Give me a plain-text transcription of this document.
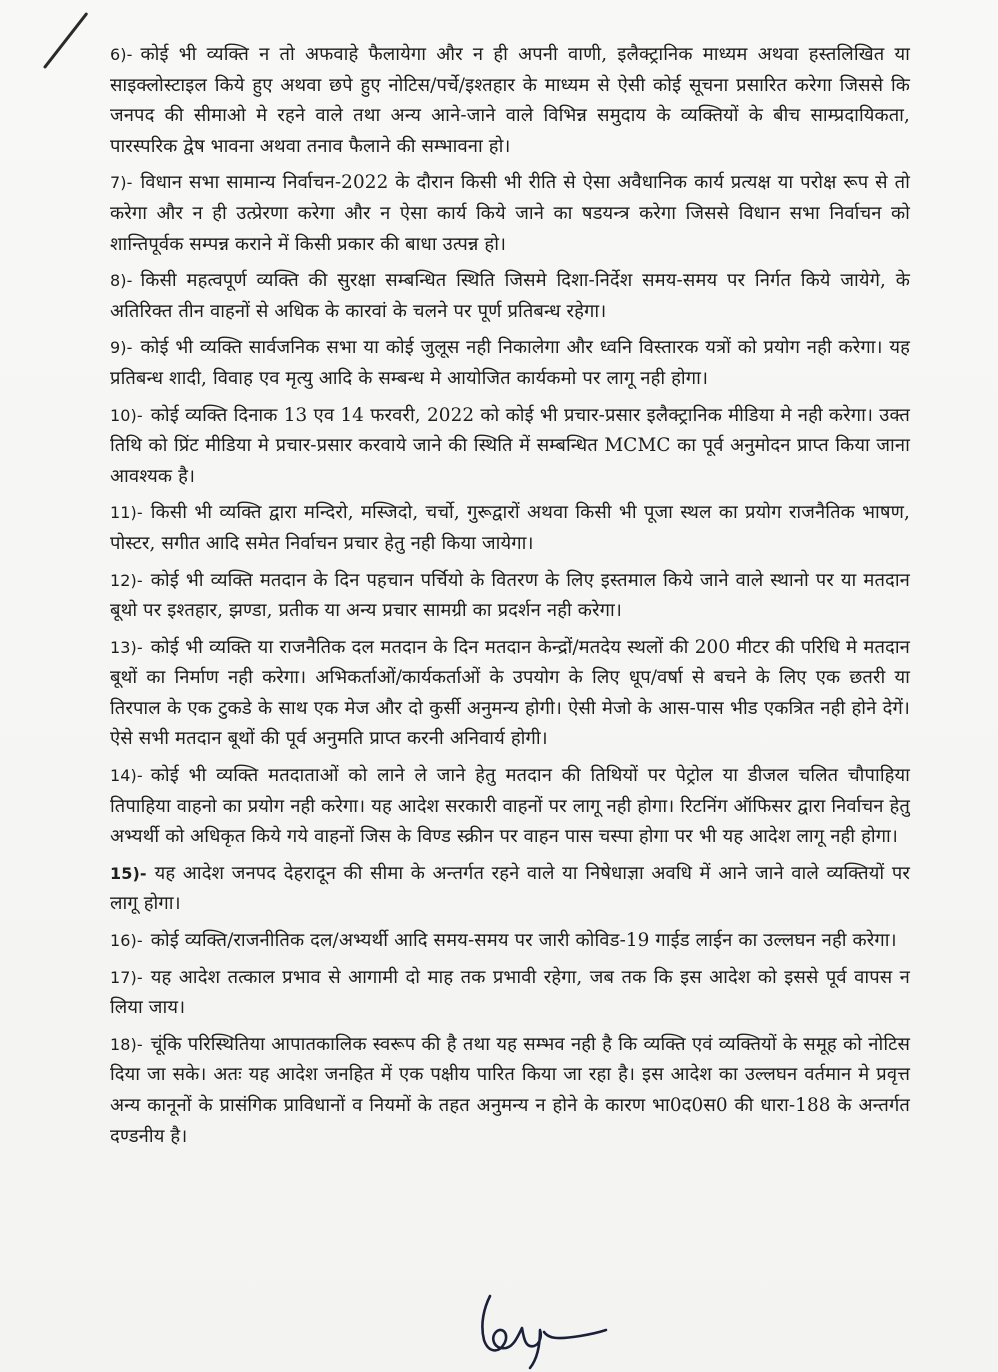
6)- कोई भी व्यक्ति न तो अफवाहे फैलायेगा और न ही अपनी वाणी, इलैक्ट्रानिक माध्यम अथवा हस्तलिखित या साइक्लोस्टाइल किये हुए अथवा छपे हुए नोटिस/पर्चे/इश्तहार के माध्यम से ऐसी कोई सूचना प्रसारित करेगा जिससे कि जनपद की सीमाओ मे रहने वाले तथा अन्य आने-जाने वाले विभिन्न समुदाय के व्यक्तियों के बीच साम्प्रदायिकता, पारस्परिक द्वेष भावना अथवा तनाव फैलाने की सम्भावना हो।

7)- विधान सभा सामान्य निर्वाचन-2022 के दौरान किसी भी रीति से ऐसा अवैधानिक कार्य प्रत्यक्ष या परोक्ष रूप से तो करेगा और न ही उत्प्रेरणा करेगा और न ऐसा कार्य किये जाने का षडयन्त्र करेगा जिससे विधान सभा निर्वाचन को शान्तिपूर्वक सम्पन्न कराने में किसी प्रकार की बाधा उत्पन्न हो।

8)- किसी महत्वपूर्ण व्यक्ति की सुरक्षा सम्बन्धित स्थिति जिसमे दिशा-निर्देश समय-समय पर निर्गत किये जायेगे, के अतिरिक्त तीन वाहनों से अधिक के कारवां के चलने पर पूर्ण प्रतिबन्ध रहेगा।

9)- कोई भी व्यक्ति सार्वजनिक सभा या कोई जुलूस नही निकालेगा और ध्वनि विस्तारक यत्रों को प्रयोग नही करेगा। यह प्रतिबन्ध शादी, विवाह एव मृत्यु आदि के सम्बन्ध मे आयोजित कार्यकमो पर लागू नही होगा।

10)- कोई व्यक्ति दिनाक 13 एव 14 फरवरी, 2022 को कोई भी प्रचार-प्रसार इलैक्ट्रानिक मीडिया मे नही करेगा। उक्त तिथि को प्रिंट मीडिया मे प्रचार-प्रसार करवाये जाने की स्थिति में सम्बन्धित MCMC का पूर्व अनुमोदन प्राप्त किया जाना आवश्यक है।

11)- किसी भी व्यक्ति द्वारा मन्दिरो, मस्जिदो, चर्चो, गुरूद्वारों अथवा किसी भी पूजा स्थल का प्रयोग राजनैतिक भाषण, पोस्टर, सगीत आदि समेत निर्वाचन प्रचार हेतु नही किया जायेगा।

12)- कोई भी व्यक्ति मतदान के दिन पहचान पर्चियो के वितरण के लिए इस्तमाल किये जाने वाले स्थानो पर या मतदान बूथो पर इश्तहार, झण्डा, प्रतीक या अन्य प्रचार सामग्री का प्रदर्शन नही करेगा।

13)- कोई भी व्यक्ति या राजनैतिक दल मतदान के दिन मतदान केन्द्रों/मतदेय स्थलों की 200 मीटर की परिधि मे मतदान बूथों का निर्माण नही करेगा। अभिकर्ताओं/कार्यकर्ताओं के उपयोग के लिए धूप/वर्षा से बचने के लिए एक छतरी या तिरपाल के एक टुकडे के साथ एक मेज और दो कुर्सी अनुमन्य होगी। ऐसी मेजो के आस-पास भीड एकत्रित नही होने देगें। ऐसे सभी मतदान बूथों की पूर्व अनुमति प्राप्त करनी अनिवार्य होगी।

14)- कोई भी व्यक्ति मतदाताओं को लाने ले जाने हेतु मतदान की तिथियों पर पेट्रोल या डीजल चलित चौपाहिया तिपाहिया वाहनो का प्रयोग नही करेगा। यह आदेश सरकारी वाहनों पर लागू नही होगा। रिटनिंग ऑफिसर द्वारा निर्वाचन हेतु अभ्यर्थी को अधिकृत किये गये वाहनों जिस के विण्ड स्क्रीन पर वाहन पास चस्पा होगा पर भी यह आदेश लागू नही होगा।

15)- यह आदेश जनपद देहरादून की सीमा के अन्तर्गत रहने वाले या निषेधाज्ञा अवधि में आने जाने वाले व्यक्तियों पर लागू होगा।

16)- कोई व्यक्ति/राजनीतिक दल/अभ्यर्थी आदि समय-समय पर जारी कोविड-19 गाईड लाईन का उल्लघन नही करेगा।

17)- यह आदेश तत्काल प्रभाव से आगामी दो माह तक प्रभावी रहेगा, जब तक कि इस आदेश को इससे पूर्व वापस न लिया जाय।

18)- चूंकि परिस्थितिया आपातकालिक स्वरूप की है तथा यह सम्भव नही है कि व्यक्ति एवं व्यक्तियों के समूह को नोटिस दिया जा सके। अतः यह आदेश जनहित में एक पक्षीय पारित किया जा रहा है। इस आदेश का उल्लघन वर्तमान मे प्रवृत्त अन्य कानूनों के प्रासंगिक प्राविधानों व नियमों के तहत अनुमन्य न होने के कारण भा0द0स0 की धारा-188 के अन्तर्गत दण्डनीय है।
